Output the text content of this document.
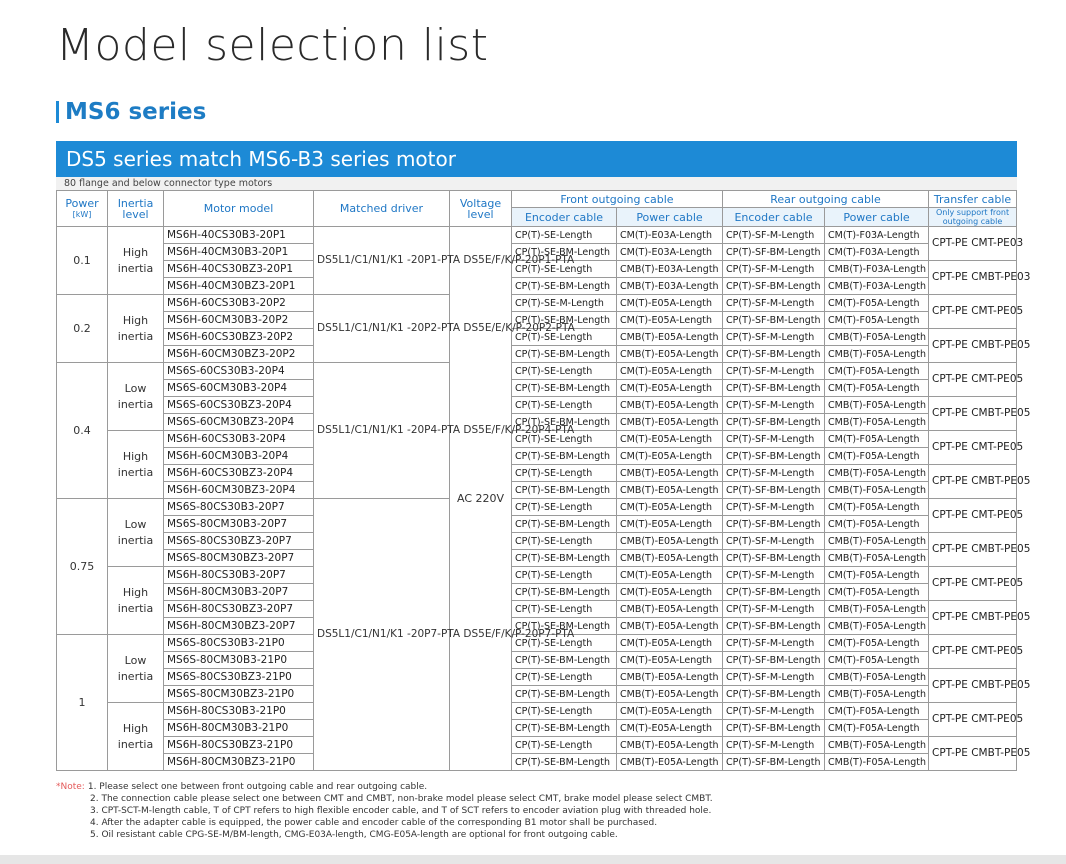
Model selection list
MS6 series
DS5 series match MS6-B3 series motor
80 flange and below connector type motors
Power
[kW]	Inertia level	Motor model	Matched driver	Voltage level	Front outgoing cable		Rear outgoing cable		Transfer cable
					Encoder cable	Power cable	Encoder cable	Power cable	Only support front outgoing cable
0.1	High inertia	MS6H-40CS30B3-20P1	DS5L1/C1/N1/K1 -20P1-PTA DS5E/F/K/P-20P1-PTA	AC 220V	CP(T)-SE-Length	CM(T)-E03A-Length	CP(T)-SF-M-Length	CM(T)-F03A-Length	CPT-PE CMT-PE03
		MS6H-40CM30B3-20P1			CP(T)-SE-BM-Length	CM(T)-E03A-Length	CP(T)-SF-BM-Length	CM(T)-F03A-Length	
		MS6H-40CS30BZ3-20P1			CP(T)-SE-Length	CMB(T)-E03A-Length	CP(T)-SF-M-Length	CMB(T)-F03A-Length	CPT-PE CMBT-PE03
		MS6H-40CM30BZ3-20P1			CP(T)-SE-BM-Length	CMB(T)-E03A-Length	CP(T)-SF-BM-Length	CMB(T)-F03A-Length	
0.2	High inertia	MS6H-60CS30B3-20P2	DS5L1/C1/N1/K1 -20P2-PTA DS5E/E/K/P-20P2-PTA		CP(T)-SE-M-Length	CM(T)-E05A-Length	CP(T)-SF-M-Length	CM(T)-F05A-Length	CPT-PE CMT-PE05
		MS6H-60CM30B3-20P2			CP(T)-SE-BM-Length	CM(T)-E05A-Length	CP(T)-SF-BM-Length	CM(T)-F05A-Length	
		MS6H-60CS30BZ3-20P2			CP(T)-SE-Length	CMB(T)-E05A-Length	CP(T)-SF-M-Length	CMB(T)-F05A-Length	CPT-PE CMBT-PE05
		MS6H-60CM30BZ3-20P2			CP(T)-SE-BM-Length	CMB(T)-E05A-Length	CP(T)-SF-BM-Length	CMB(T)-F05A-Length	
0.4	Low inertia	MS6S-60CS30B3-20P4	DS5L1/C1/N1/K1 -20P4-PTA DS5E/F/K/P-20P4-PTA		CP(T)-SE-Length	CM(T)-E05A-Length	CP(T)-SF-M-Length	CM(T)-F05A-Length	CPT-PE CMT-PE05
		MS6S-60CM30B3-20P4			CP(T)-SE-BM-Length	CM(T)-E05A-Length	CP(T)-SF-BM-Length	CM(T)-F05A-Length	
		MS6S-60CS30BZ3-20P4			CP(T)-SE-Length	CMB(T)-E05A-Length	CP(T)-SF-M-Length	CMB(T)-F05A-Length	CPT-PE CMBT-PE05
		MS6S-60CM30BZ3-20P4			CP(T)-SE-BM-Length	CMB(T)-E05A-Length	CP(T)-SF-BM-Length	CMB(T)-F05A-Length	
	High inertia	MS6H-60CS30B3-20P4			CP(T)-SE-Length	CM(T)-E05A-Length	CP(T)-SF-M-Length	CM(T)-F05A-Length	CPT-PE CMT-PE05
		MS6H-60CM30B3-20P4			CP(T)-SE-BM-Length	CM(T)-E05A-Length	CP(T)-SF-BM-Length	CM(T)-F05A-Length	
		MS6H-60CS30BZ3-20P4			CP(T)-SE-Length	CMB(T)-E05A-Length	CP(T)-SF-M-Length	CMB(T)-F05A-Length	CPT-PE CMBT-PE05
		MS6H-60CM30BZ3-20P4			CP(T)-SE-BM-Length	CMB(T)-E05A-Length	CP(T)-SF-BM-Length	CMB(T)-F05A-Length	
0.75	Low inertia	MS6S-80CS30B3-20P7	DS5L1/C1/N1/K1 -20P7-PTA DS5E/F/K/P-20P7-PTA		CP(T)-SE-Length	CM(T)-E05A-Length	CP(T)-SF-M-Length	CM(T)-F05A-Length	CPT-PE CMT-PE05
		MS6S-80CM30B3-20P7			CP(T)-SE-BM-Length	CM(T)-E05A-Length	CP(T)-SF-BM-Length	CM(T)-F05A-Length	
		MS6S-80CS30BZ3-20P7			CP(T)-SE-Length	CMB(T)-E05A-Length	CP(T)-SF-M-Length	CMB(T)-F05A-Length	CPT-PE CMBT-PE05
		MS6S-80CM30BZ3-20P7			CP(T)-SE-BM-Length	CMB(T)-E05A-Length	CP(T)-SF-BM-Length	CMB(T)-F05A-Length	
	High inertia	MS6H-80CS30B3-20P7			CP(T)-SE-Length	CM(T)-E05A-Length	CP(T)-SF-M-Length	CM(T)-F05A-Length	CPT-PE CMT-PE05
		MS6H-80CM30B3-20P7			CP(T)-SE-BM-Length	CM(T)-E05A-Length	CP(T)-SF-BM-Length	CM(T)-F05A-Length	
		MS6H-80CS30BZ3-20P7			CP(T)-SE-Length	CMB(T)-E05A-Length	CP(T)-SF-M-Length	CMB(T)-F05A-Length	CPT-PE CMBT-PE05
		MS6H-80CM30BZ3-20P7			CP(T)-SE-BM-Length	CMB(T)-E05A-Length	CP(T)-SF-BM-Length	CMB(T)-F05A-Length	
1	Low inertia	MS6S-80CS30B3-21P0			CP(T)-SE-Length	CM(T)-E05A-Length	CP(T)-SF-M-Length	CM(T)-F05A-Length	CPT-PE CMT-PE05
		MS6S-80CM30B3-21P0			CP(T)-SE-BM-Length	CM(T)-E05A-Length	CP(T)-SF-BM-Length	CM(T)-F05A-Length	
		MS6S-80CS30BZ3-21P0			CP(T)-SE-Length	CMB(T)-E05A-Length	CP(T)-SF-M-Length	CMB(T)-F05A-Length	CPT-PE CMBT-PE05
		MS6S-80CM30BZ3-21P0			CP(T)-SE-BM-Length	CMB(T)-E05A-Length	CP(T)-SF-BM-Length	CMB(T)-F05A-Length	
	High inertia	MS6H-80CS30B3-21P0			CP(T)-SE-Length	CM(T)-E05A-Length	CP(T)-SF-M-Length	CM(T)-F05A-Length	CPT-PE CMT-PE05
		MS6H-80CM30B3-21P0			CP(T)-SE-BM-Length	CM(T)-E05A-Length	CP(T)-SF-BM-Length	CM(T)-F05A-Length	
		MS6H-80CS30BZ3-21P0			CP(T)-SE-Length	CMB(T)-E05A-Length	CP(T)-SF-M-Length	CMB(T)-F05A-Length	CPT-PE CMBT-PE05
		MS6H-80CM30BZ3-21P0			CP(T)-SE-BM-Length	CMB(T)-E05A-Length	CP(T)-SF-BM-Length	CMB(T)-F05A-Length	
*Note: 1. Please select one between front outgoing cable and rear outgoing cable.
2. The connection cable please select one between CMT and CMBT, non-brake model please select CMT, brake model please select CMBT.
3. CPT-SCT-M-length cable, T of CPT refers to high flexible encoder cable, and T of SCT refers to encoder aviation plug with threaded hole.
4. After the adapter cable is equipped, the power cable and encoder cable of the corresponding B1 motor shall be purchased.
5. Oil resistant cable CPG-SE-M/BM-length, CMG-E03A-length, CMG-E05A-length are optional for front outgoing cable.
